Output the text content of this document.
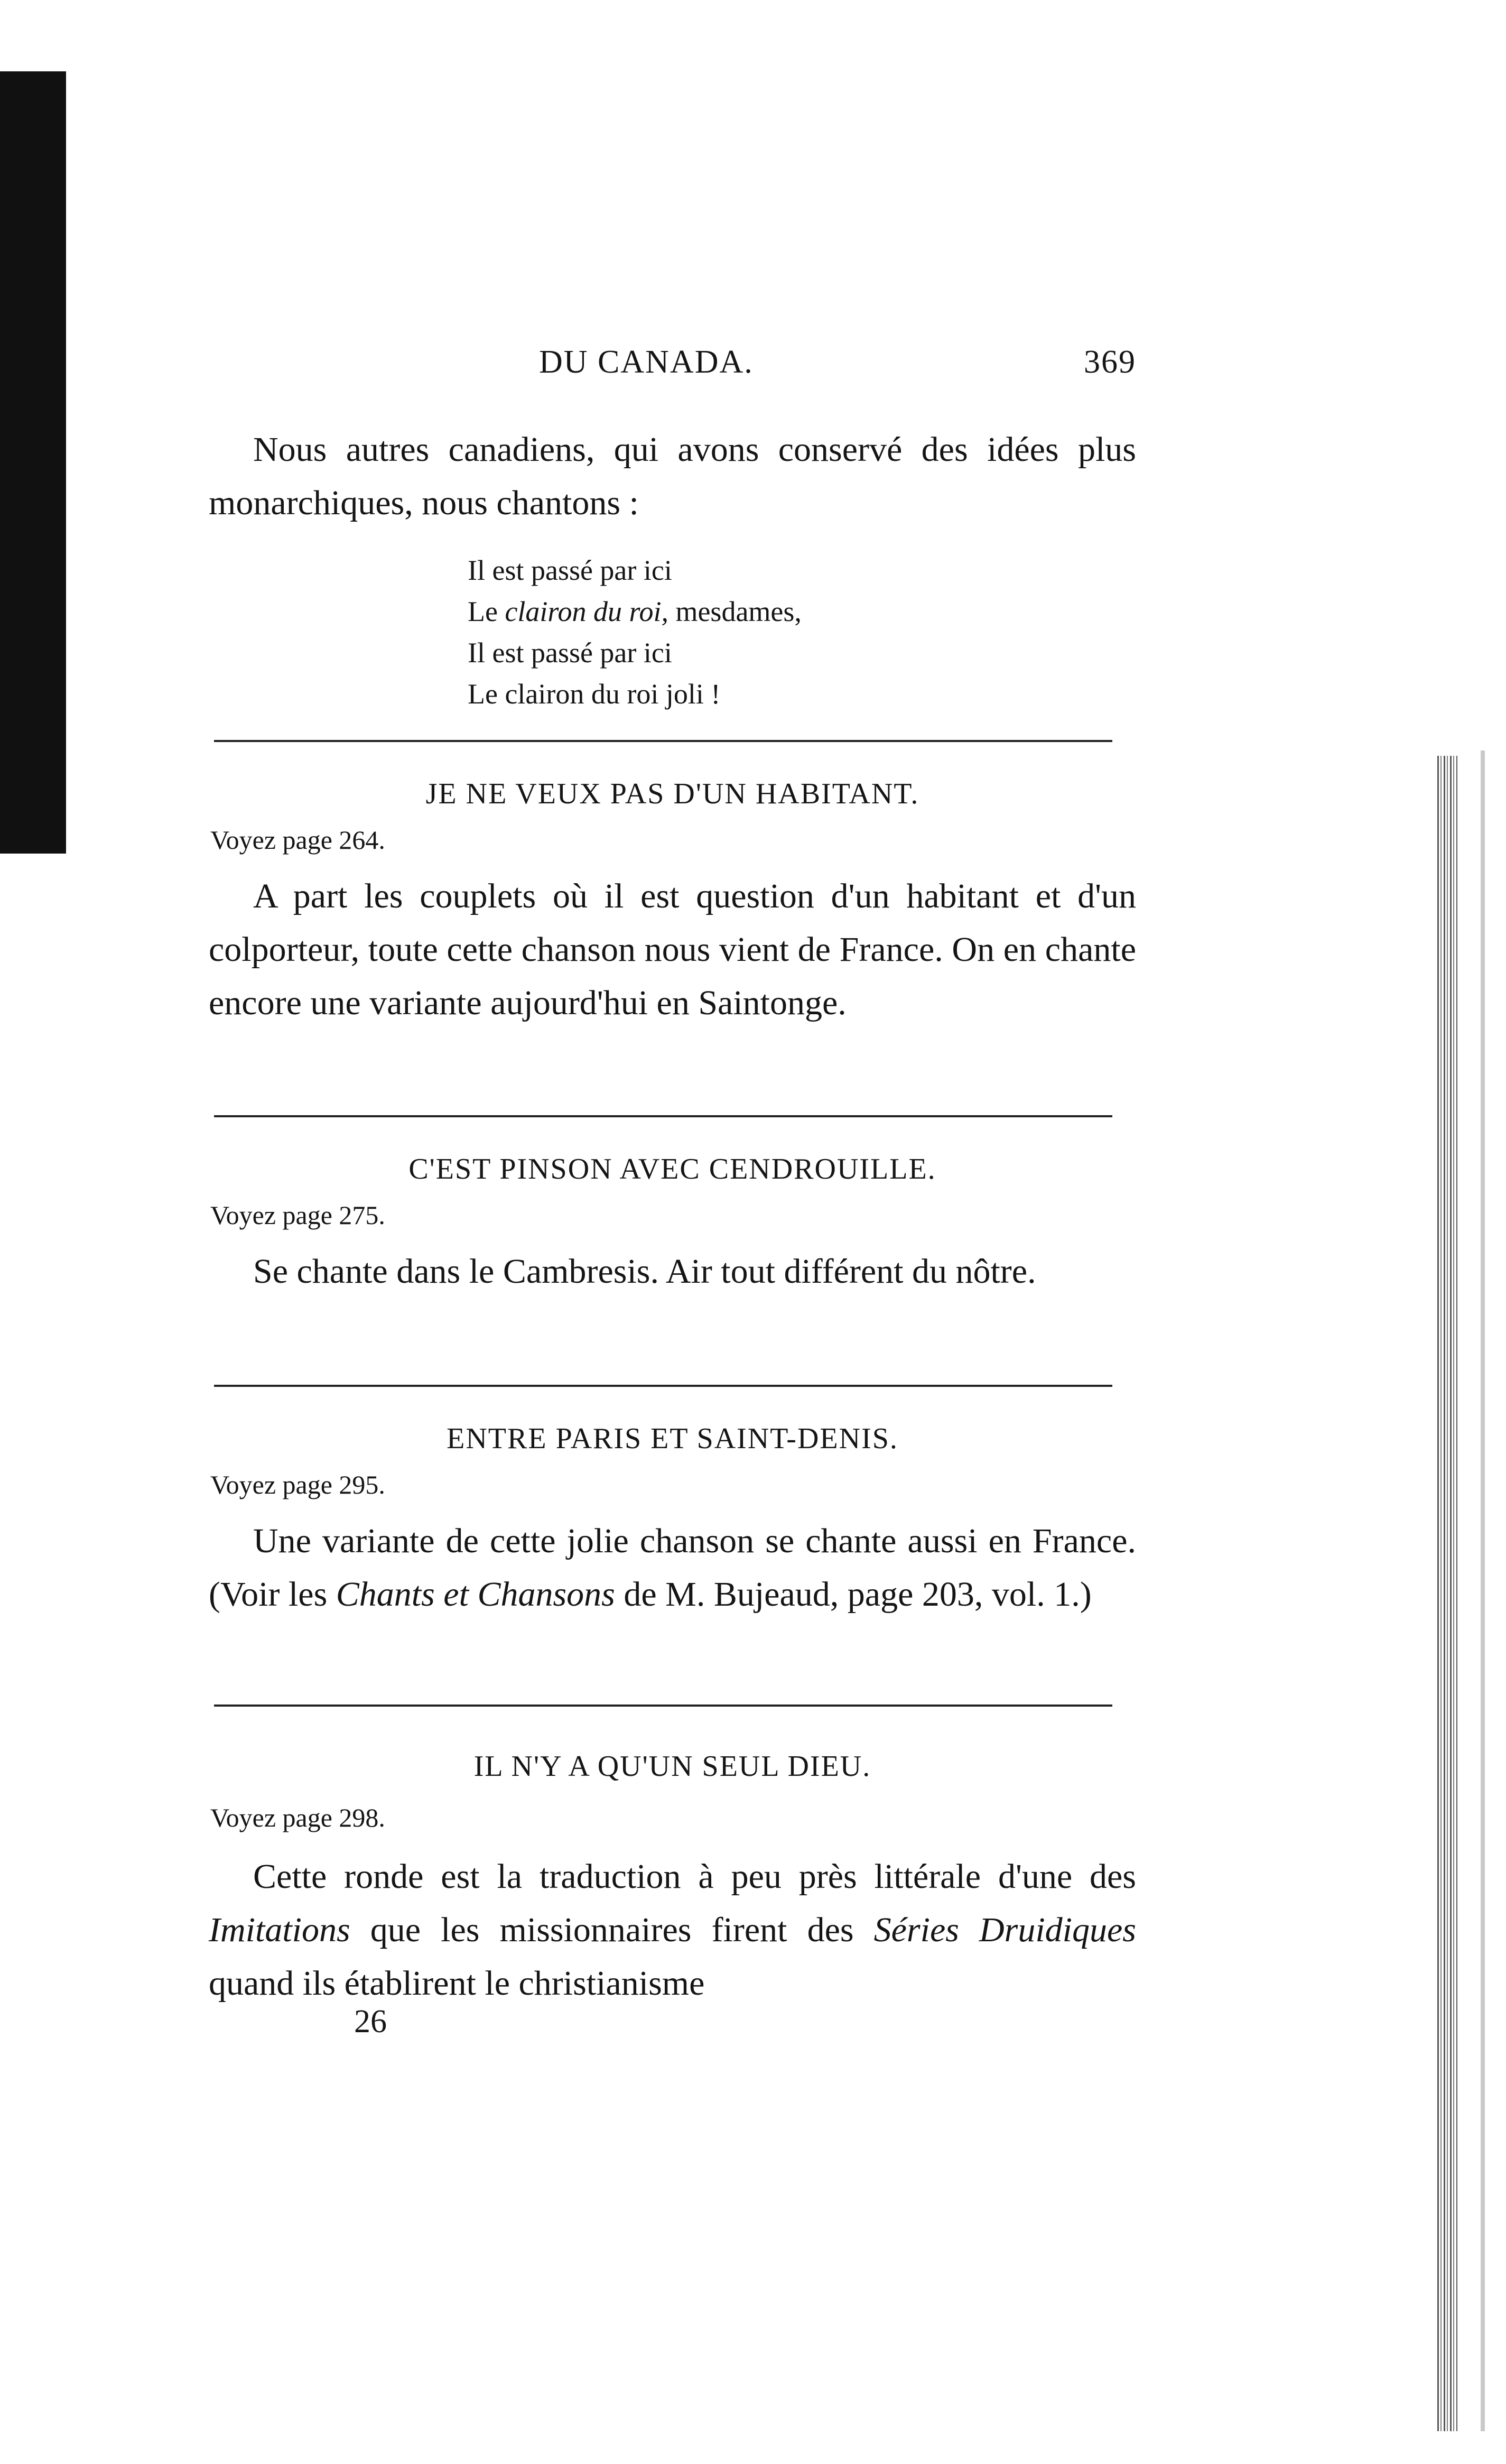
DU CANADA.	369
Nous autres canadiens, qui avons conservé des idées plus monarchiques, nous chantons :
Il est passé par ici
Le clairon du roi, mesdames,
Il est passé par ici
Le clairon du roi joli !
JE NE VEUX PAS D'UN HABITANT.
Voyez page 264.
A part les couplets où il est question d'un habitant et d'un colporteur, toute cette chanson nous vient de France. On en chante encore une variante aujourd'hui en Saintonge.
C'EST PINSON AVEC CENDROUILLE.
Voyez page 275.
Se chante dans le Cambresis. Air tout différent du nôtre.
ENTRE PARIS ET SAINT-DENIS.
Voyez page 295.
Une variante de cette jolie chanson se chante aussi en France. (Voir les Chants et Chansons de M. Bujeaud, page 203, vol. 1.)
IL N'Y A QU'UN SEUL DIEU.
Voyez page 298.
Cette ronde est la traduction à peu près littérale d'une des Imitations que les missionnaires firent des Séries Druidiques quand ils établirent le christianisme
26
